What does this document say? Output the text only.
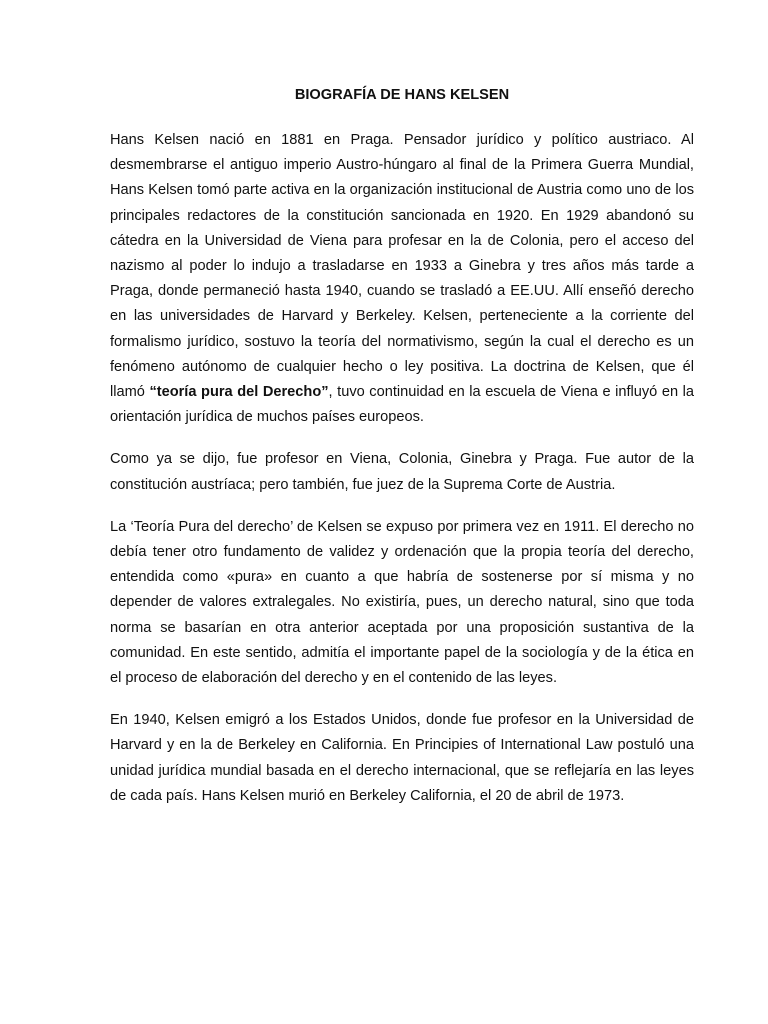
BIOGRAFÍA DE HANS KELSEN

Hans Kelsen nació en 1881 en Praga. Pensador jurídico y político austriaco. Al desmembrarse el antiguo imperio Austro-húngaro al final de la Primera Guerra Mundial, Hans Kelsen tomó parte activa en la organización institucional de Austria como uno de los principales redactores de la constitución sancionada en 1920. En 1929 abandonó su cátedra en la Universidad de Viena para profesar en la de Colonia, pero el acceso del nazismo al poder lo indujo a trasladarse en 1933 a Ginebra y tres años más tarde a Praga, donde permaneció hasta 1940, cuando se trasladó a EE.UU. Allí enseñó derecho en las universidades de Harvard y Berkeley. Kelsen, perteneciente a la corriente del formalismo jurídico, sostuvo la teoría del normativismo, según la cual el derecho es un fenómeno autónomo de cualquier hecho o ley positiva. La doctrina de Kelsen, que él llamó “teoría pura del Derecho”, tuvo continuidad en la escuela de Viena e influyó en la orientación jurídica de muchos países europeos.

Como ya se dijo, fue profesor en Viena, Colonia, Ginebra y Praga. Fue autor de la constitución austríaca; pero también, fue juez de la Suprema Corte de Austria.

La ‘Teoría Pura del derecho’ de Kelsen se expuso por primera vez en 1911. El derecho no debía tener otro fundamento de validez y ordenación que la propia teoría del derecho, entendida como «pura» en cuanto a que habría de sostenerse por sí misma y no depender de valores extralegales. No existiría, pues, un derecho natural, sino que toda norma se basarían en otra anterior aceptada por una proposición sustantiva de la comunidad. En este sentido, admitía el importante papel de la sociología y de la ética en el proceso de elaboración del derecho y en el contenido de las leyes.

En 1940, Kelsen emigró a los Estados Unidos, donde fue profesor en la Universidad de Harvard y en la de Berkeley en California. En Principies of International Law postuló una unidad jurídica mundial basada en el derecho internacional, que se reflejaría en las leyes de cada país. Hans Kelsen murió en Berkeley California, el 20 de abril de 1973.
